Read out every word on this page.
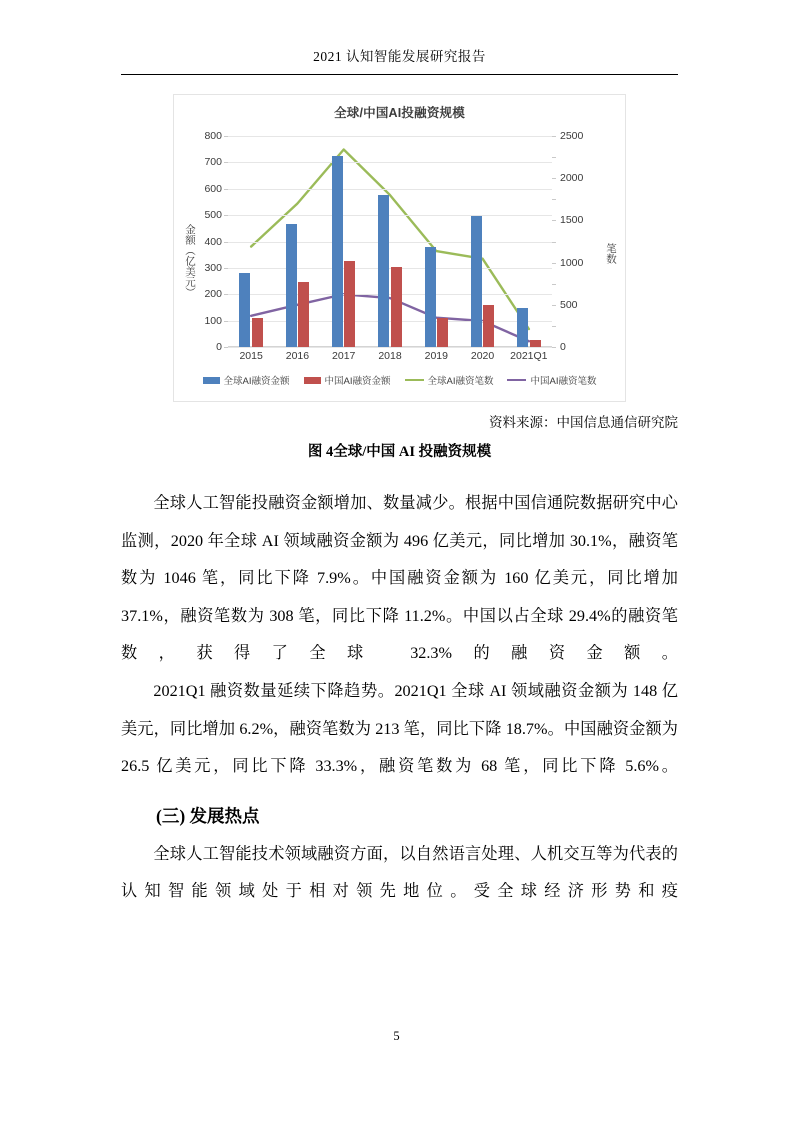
2021 认知智能发展研究报告
全球/中国AI投融资规模
金额（亿美元）	笔数
0
100
200
300
400
500
600
700
800
0
500
1000
1500
2000
2500
2015 2016 2017 2018 2019 2020 2021Q1
全球AI融资金额	中国AI融资金额	全球AI融资笔数	中国AI融资笔数
资料来源：中国信息通信研究院
图 4全球/中国 AI 投融资规模

全球人工智能投融资金额增加、数量减少。根据中国信通院数据研究中心监测，2020 年全球 AI 领域融资金额为 496 亿美元，同比增加 30.1%，融资笔数为 1046 笔，同比下降 7.9%。中国融资金额为 160 亿美元，同比增加 37.1%，融资笔数为 308 笔，同比下降 11.2%。中国以占全球 29.4%的融资笔数，获得了全球 32.3%的融资金额。

2021Q1 融资数量延续下降趋势。2021Q1 全球 AI 领域融资金额为 148 亿美元，同比增加 6.2%，融资笔数为 213 笔，同比下降 18.7%。中国融资金额为 26.5 亿美元，同比下降 33.3%，融资笔数为 68 笔，同比下降 5.6%。

(三) 发展热点

全球人工智能技术领域融资方面，以自然语言处理、人机交互等为代表的认知智能领域处于相对领先地位。受全球经济形势和疫

5
